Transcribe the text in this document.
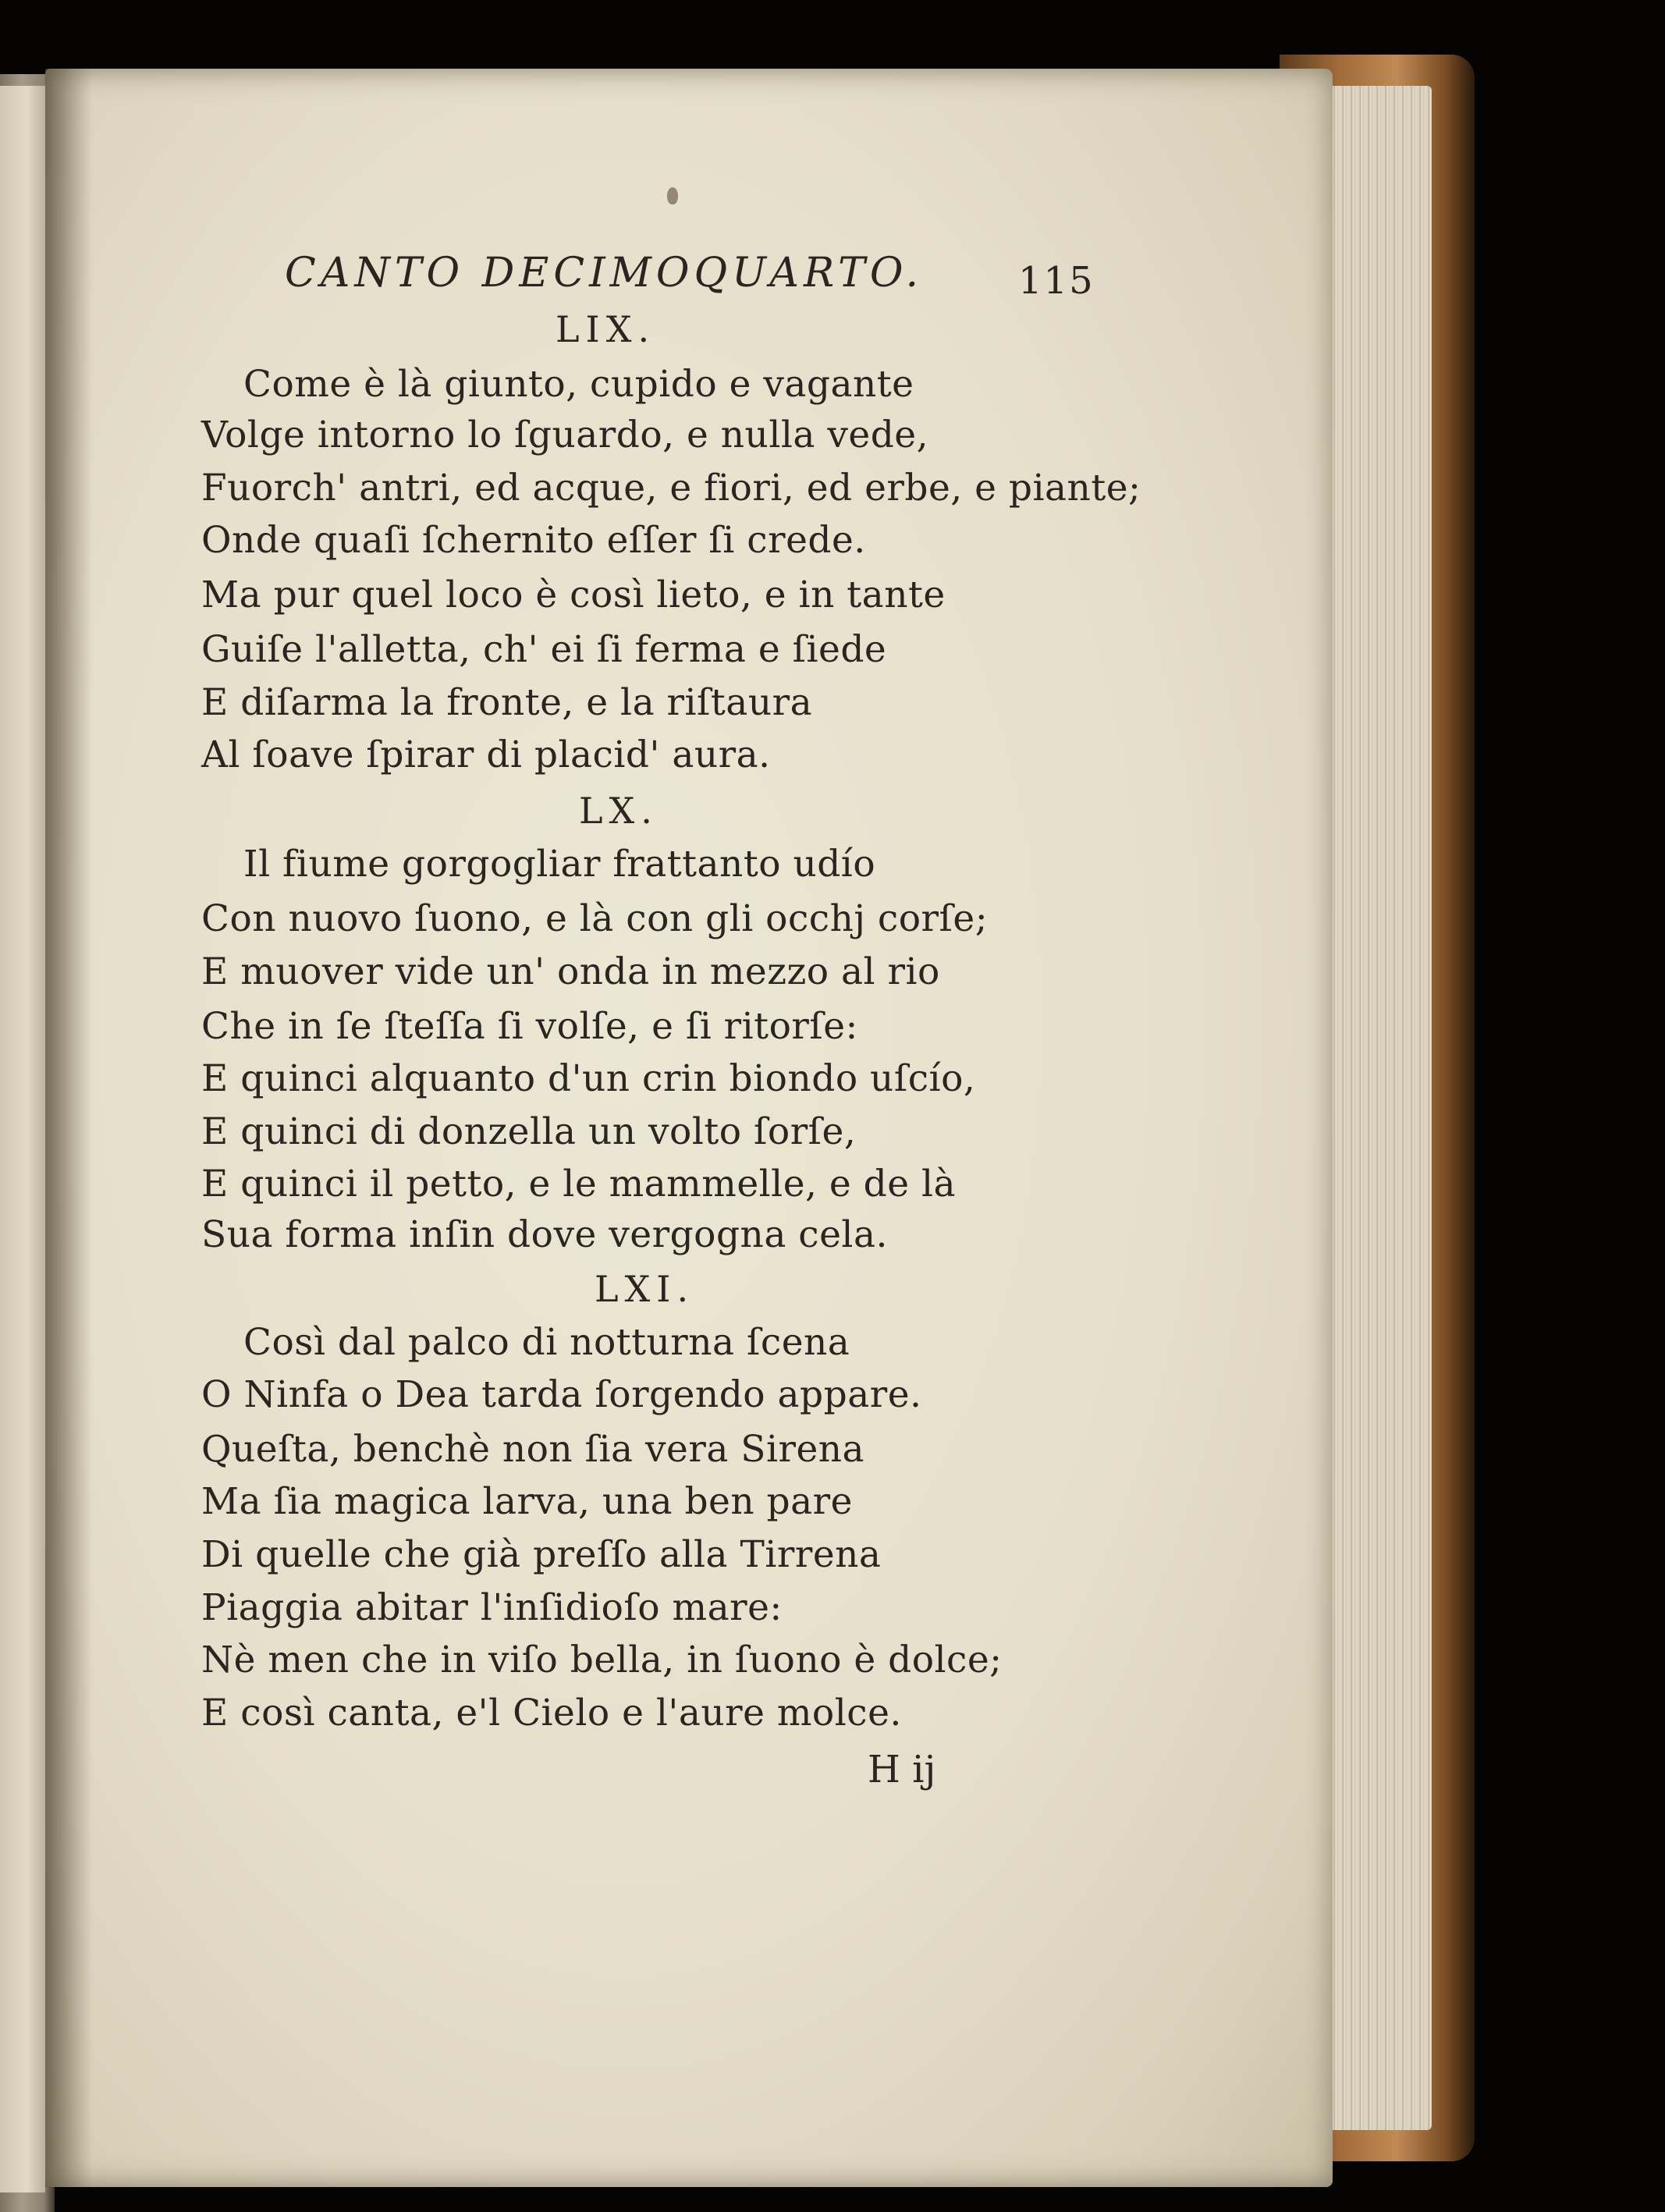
CANTO DECIMOQUARTO.	115
LIX.
Come è là giunto, cupido e vagante
Volge intorno lo ſguardo, e nulla vede,
Fuorch' antri, ed acque, e fiori, ed erbe, e piante;
Onde quaſi ſchernito eſſer ſi crede.
Ma pur quel loco è così lieto, e in tante
Guiſe l'alletta, ch' ei ſi ferma e ſiede
E diſarma la fronte, e la riſtaura
Al ſoave ſpirar di placid' aura.
LX.
Il fiume gorgogliar frattanto udío
Con nuovo ſuono, e là con gli occhj corſe;
E muover vide un' onda in mezzo al rio
Che in ſe ſteſſa ſi volſe, e ſi ritorſe:
E quinci alquanto d'un crin biondo uſcío,
E quinci di donzella un volto ſorſe,
E quinci il petto, e le mammelle, e de là
Sua forma inſin dove vergogna cela.
LXI.
Così dal palco di notturna ſcena
O Ninfa o Dea tarda ſorgendo appare.
Queſta, benchè non ſia vera Sirena
Ma ſia magica larva, una ben pare
Di quelle che già preſſo alla Tirrena
Piaggia abitar l'inſidioſo mare:
Nè men che in viſo bella, in ſuono è dolce;
E così canta, e'l Cielo e l'aure molce.
H ij
